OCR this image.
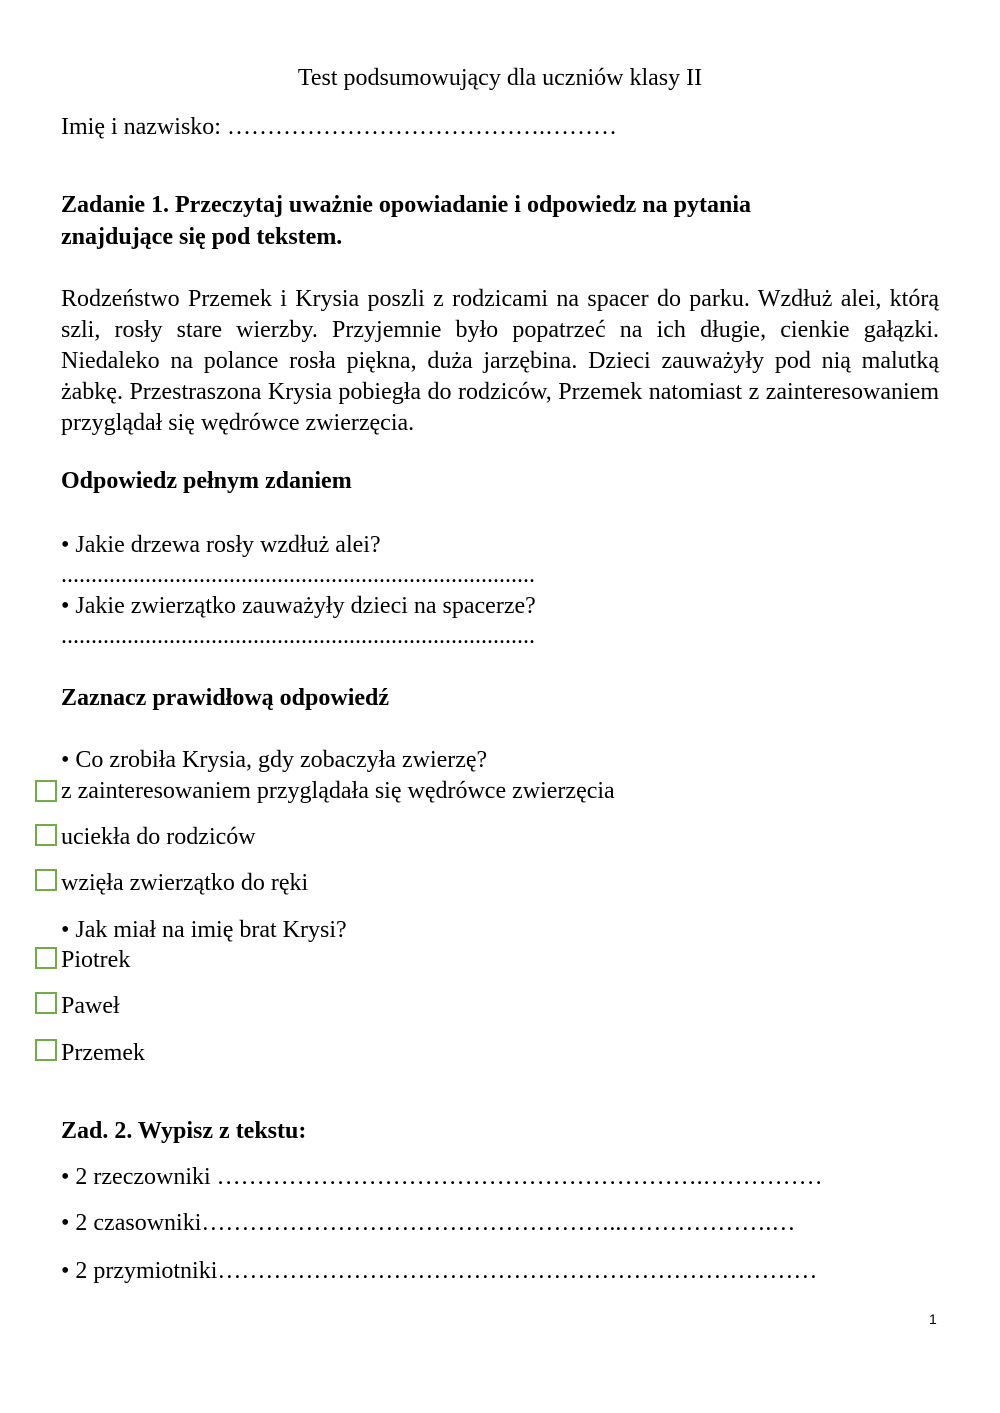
Test podsumowujący dla uczniów klasy II
Imię i nazwisko: ………………………………….………
Zadanie 1. Przeczytaj uważnie opowiadanie i odpowiedz na pytania
znajdujące się pod tekstem.
Rodzeństwo Przemek i Krysia poszli z rodzicami na spacer do parku. Wzdłuż alei, którą szli, rosły stare wierzby. Przyjemnie było popatrzeć na ich długie, cienkie gałązki. Niedaleko na polance rosła piękna, duża jarzębina. Dzieci zauważyły pod nią malutką żabkę. Przestraszona Krysia pobiegła do rodziców, Przemek natomiast z zainteresowaniem przyglądał się wędrówce zwierzęcia.
Odpowiedz pełnym zdaniem
• Jakie drzewa rosły wzdłuż alei?
...............................................................................
• Jakie zwierzątko zauważyły dzieci na spacerze?
...............................................................................
Zaznacz prawidłową odpowiedź
• Co zrobiła Krysia, gdy zobaczyła zwierzę?
z zainteresowaniem przyglądała się wędrówce zwierzęcia
uciekła do rodziców
wzięła zwierzątko do ręki
• Jak miał na imię brat Krysi?
Piotrek
Paweł
Przemek
Zad. 2. Wypisz z tekstu:
• 2 rzeczowniki …………………………………………………….……………
• 2 czasowniki……………………………………………..……………….…
• 2 przymiotniki…………………………………………………………………
1
